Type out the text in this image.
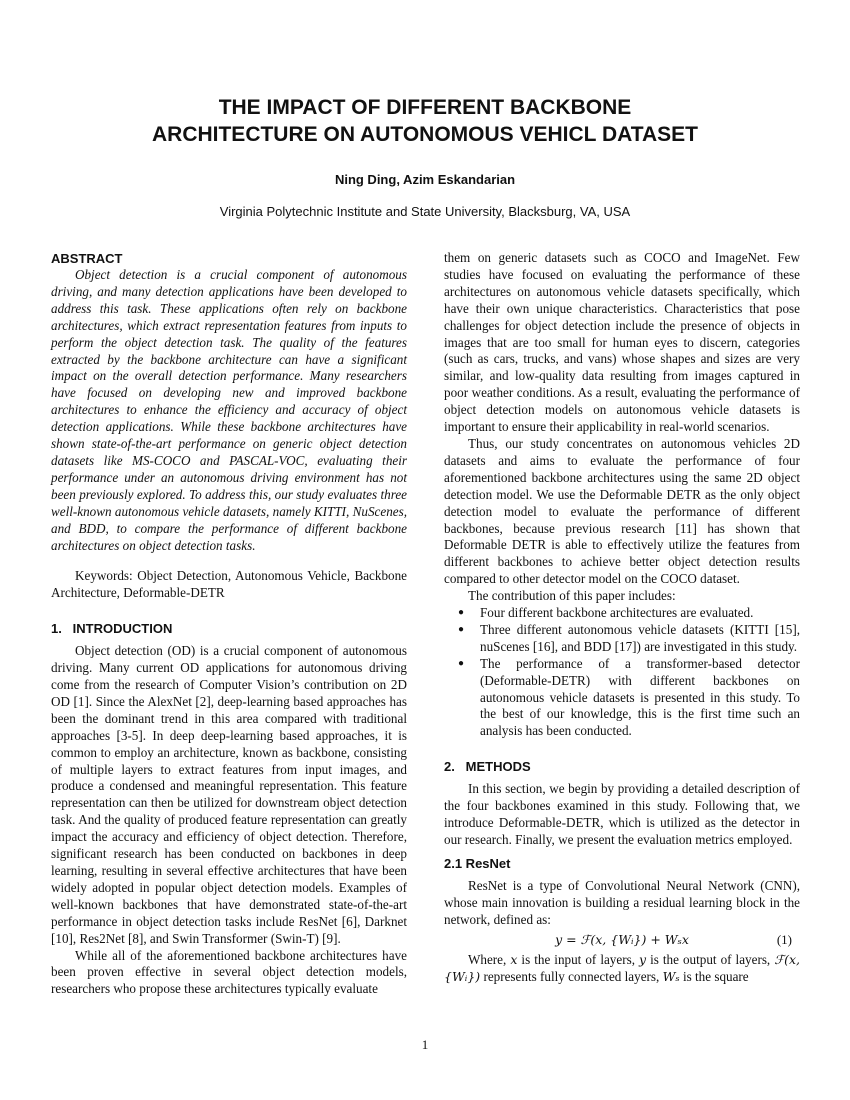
THE IMPACT OF DIFFERENT BACKBONE
ARCHITECTURE ON AUTONOMOUS VEHICL DATASET

Ning Ding, Azim Eskandarian

Virginia Polytechnic Institute and State University, Blacksburg, VA, USA

ABSTRACT

Object detection is a crucial component of autonomous driving, and many detection applications have been developed to address this task. These applications often rely on backbone architectures, which extract representation features from inputs to perform the object detection task. The quality of the features extracted by the backbone architecture can have a significant impact on the overall detection performance. Many researchers have focused on developing new and improved backbone architectures to enhance the efficiency and accuracy of object detection applications. While these backbone architectures have shown state-of-the-art performance on generic object detection datasets like MS-COCO and PASCAL-VOC, evaluating their performance under an autonomous driving environment has not been previously explored. To address this, our study evaluates three well-known autonomous vehicle datasets, namely KITTI, NuScenes, and BDD, to compare the performance of different backbone architectures on object detection tasks.

Keywords: Object Detection, Autonomous Vehicle, Backbone Architecture, Deformable-DETR

1.   INTRODUCTION

Object detection (OD) is a crucial component of autonomous driving. Many current OD applications for autonomous driving come from the research of Computer Vision’s contribution on 2D OD [1]. Since the AlexNet [2], deep-learning based approaches has been the dominant trend in this area compared with traditional approaches [3-5]. In deep deep-learning based approaches, it is common to employ an architecture, known as backbone, consisting of multiple layers to extract features from input images, and produce a condensed and meaningful representation. This feature representation can then be utilized for downstream object detection task. And the quality of produced feature representation can greatly impact the accuracy and efficiency of object detection. Therefore, significant research has been conducted on backbones in deep learning, resulting in several effective architectures that have been widely adopted in popular object detection models. Examples of well-known backbones that have demonstrated state-of-the-art performance in object detection tasks include ResNet [6], Darknet [10], Res2Net [8], and Swin Transformer (Swin-T) [9].

While all of the aforementioned backbone architectures have been proven effective in several object detection models, researchers who propose these architectures typically evaluate

them on generic datasets such as COCO and ImageNet. Few studies have focused on evaluating the performance of these architectures on autonomous vehicle datasets specifically, which have their own unique characteristics. Characteristics that pose challenges for object detection include the presence of objects in images that are too small for human eyes to discern, categories (such as cars, trucks, and vans) whose shapes and sizes are very similar, and low-quality data resulting from images captured in poor weather conditions. As a result, evaluating the performance of object detection models on autonomous vehicle datasets is important to ensure their applicability in real-world scenarios.

Thus, our study concentrates on autonomous vehicles 2D datasets and aims to evaluate the performance of four aforementioned backbone architectures using the same 2D object detection model. We use the Deformable DETR as the only object detection model to evaluate the performance of different backbones, because previous research [11] has shown that Deformable DETR is able to effectively utilize the features from different backbones to achieve better object detection results compared to other detector model on the COCO dataset.

The contribution of this paper includes:

● Four different backbone architectures are evaluated.
● Three different autonomous vehicle datasets (KITTI [15], nuScenes [16], and BDD [17]) are investigated in this study.
● The performance of a transformer-based detector (Deformable-DETR) with different backbones on autonomous vehicle datasets is presented in this study. To the best of our knowledge, this is the first time such an analysis has been conducted.

2.   METHODS

In this section, we begin by providing a detailed description of the four backbones examined in this study. Following that, we introduce Deformable-DETR, which is utilized as the detector in our research. Finally, we present the evaluation metrics employed.

2.1 ResNet

ResNet is a type of Convolutional Neural Network (CNN), whose main innovation is building a residual learning block in the network, defined as:

y = ℱ(x, {Wᵢ}) + Wₛx	(1)

Where, x is the input of layers, y is the output of layers, ℱ(x, {Wᵢ}) represents fully connected layers, Wₛ is the square

1
